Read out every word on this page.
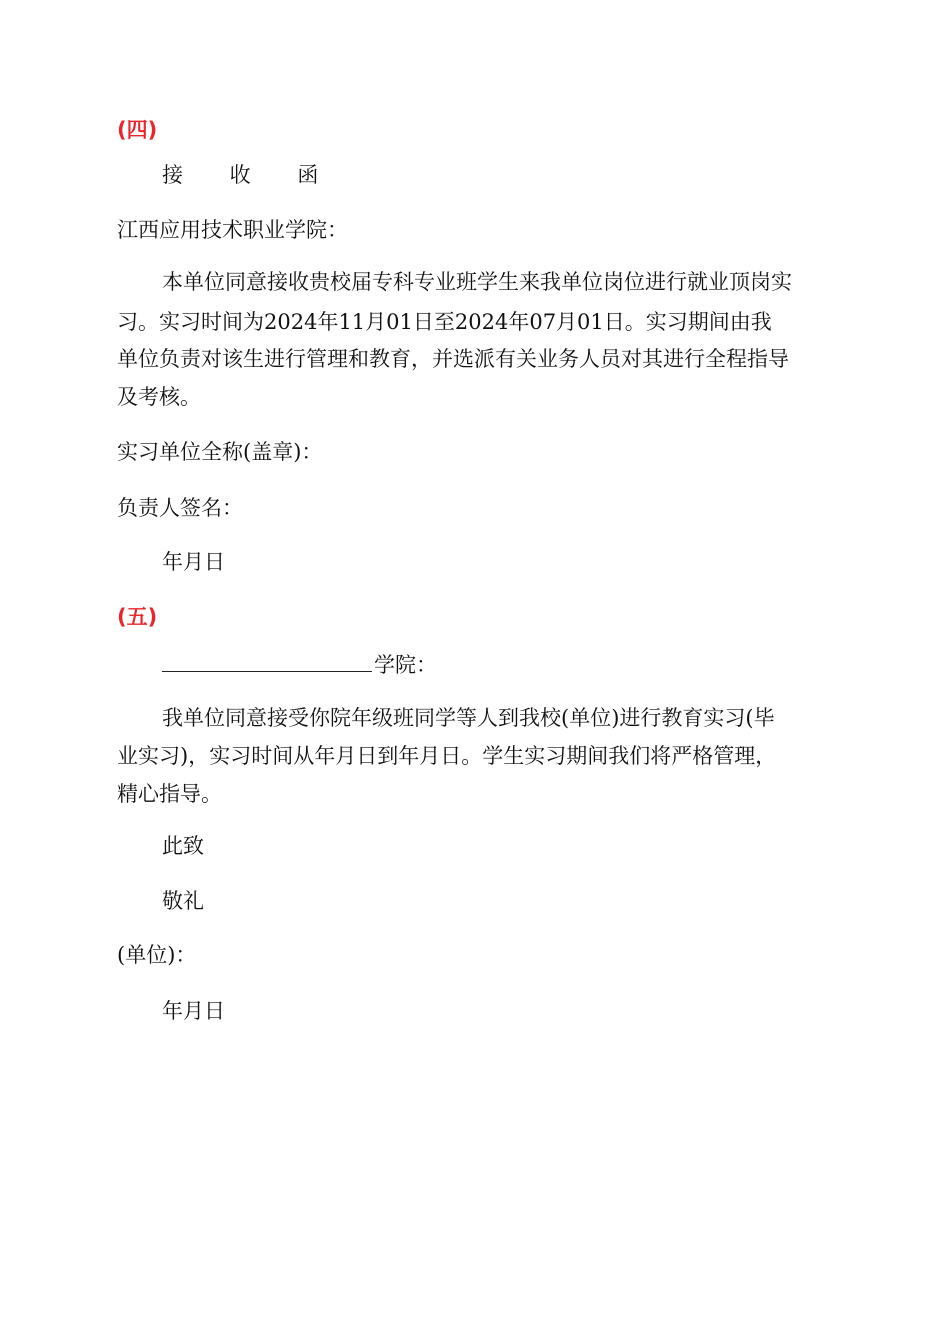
(四)
接 收 函
江西应用技术职业学院：
本单位同意接收贵校届专科专业班学生来我单位岗位进行就业顶岗实
习。实习时间为2024年11月01日至2024年07月01日。实习期间由我
单位负责对该生进行管理和教育，并选派有关业务人员对其进行全程指导
及考核。
实习单位全称(盖章)：
负责人签名：
年月日
(五)
学院：
我单位同意接受你院年级班同学等人到我校(单位)进行教育实习(毕
业实习)，实习时间从年月日到年月日。学生实习期间我们将严格管理，
精心指导。
此致
敬礼
(单位)：
年月日
